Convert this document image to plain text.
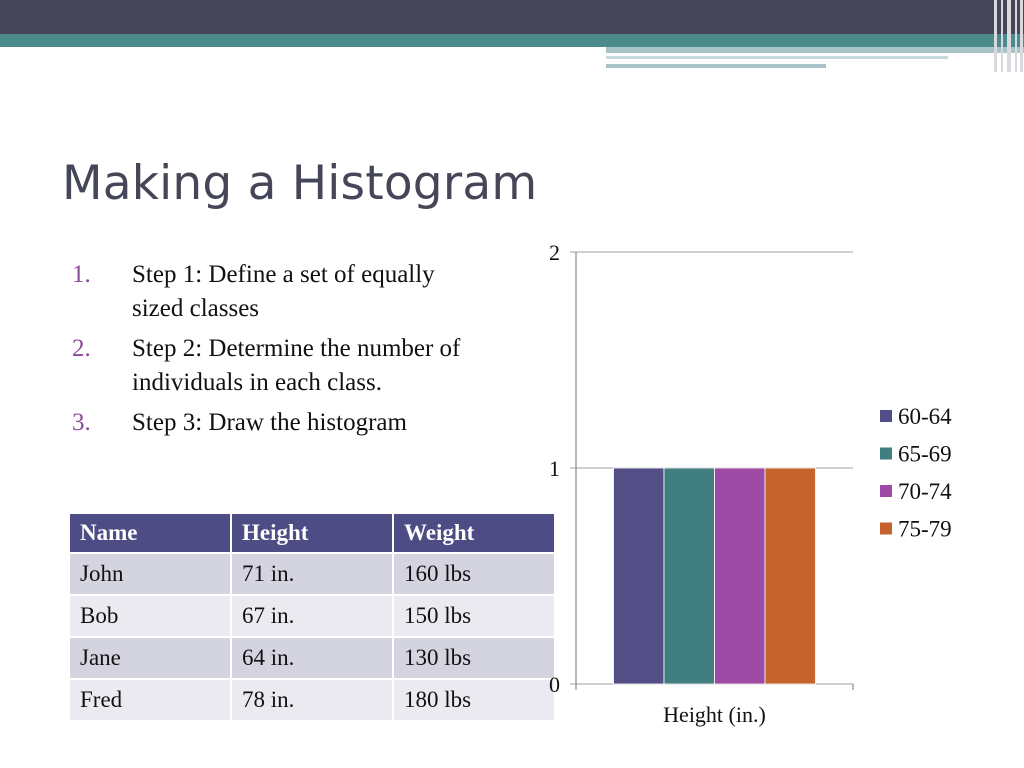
Making a Histogram
1. Step 1: Define a set of equally sized classes
2. Step 2: Determine the number of individuals in each class.
3. Step 3: Draw the histogram
Name	Height	Weight
John	71 in.	160 lbs
Bob	67 in.	150 lbs
Jane	64 in.	130 lbs
Fred	78 in.	180 lbs
0
1
2
Height (in.)
60-64
65-69
70-74
75-79
